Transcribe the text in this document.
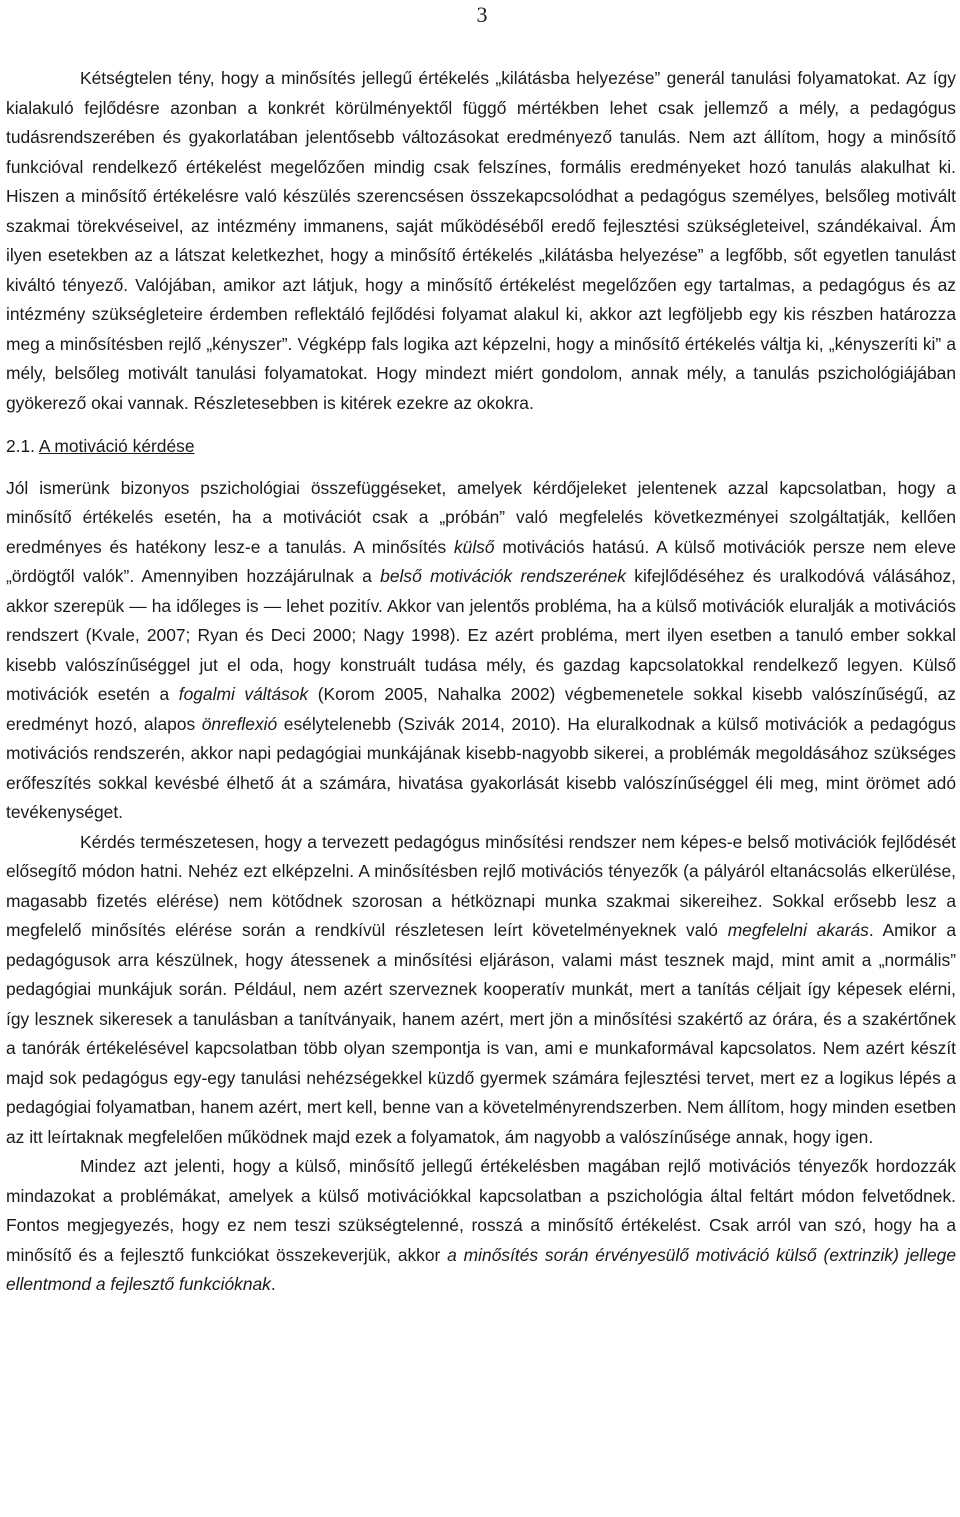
3

Kétségtelen tény, hogy a minősítés jellegű értékelés „kilátásba helyezése” generál tanulási folyamatokat. Az így kialakuló fejlődésre azonban a konkrét körülményektől függő mértékben lehet csak jellemző a mély, a pedagógus tudásrendszerében és gyakorlatában jelentősebb változásokat eredményező tanulás. Nem azt állítom, hogy a minősítő funkcióval rendelkező értékelést megelőzően mindig csak felszínes, formális eredményeket hozó tanulás alakulhat ki. Hiszen a minősítő értékelésre való készülés szerencsésen összekapcsolódhat a pedagógus személyes, belsőleg motivált szakmai törekvéseivel, az intézmény immanens, saját működéséből eredő fejlesztési szükségleteivel, szándékaival. Ám ilyen esetekben az a látszat keletkezhet, hogy a minősítő értékelés „kilátásba helyezése” a legfőbb, sőt egyetlen tanulást kiváltó tényező. Valójában, amikor azt látjuk, hogy a minősítő értékelést megelőzően egy tartalmas, a pedagógus és az intézmény szükségleteire érdemben reflektáló fejlődési folyamat alakul ki, akkor azt legföljebb egy kis részben határozza meg a minősítésben rejlő „kényszer”. Végképp fals logika azt képzelni, hogy a minősítő értékelés váltja ki, „kényszeríti ki” a mély, belsőleg motivált tanulási folyamatokat. Hogy mindezt miért gondolom, annak mély, a tanulás pszichológiájában gyökerező okai vannak. Részletesebben is kitérek ezekre az okokra.

2.1. A motiváció kérdése

Jól ismerünk bizonyos pszichológiai összefüggéseket, amelyek kérdőjeleket jelentenek azzal kapcsolatban, hogy a minősítő értékelés esetén, ha a motivációt csak a „próbán” való megfelelés következményei szolgáltatják, kellően eredményes és hatékony lesz-e a tanulás. A minősítés külső motivációs hatású. A külső motivációk persze nem eleve „ördögtől valók”. Amennyiben hozzájárulnak a belső motivációk rendszerének kifejlődéséhez és uralkodóvá válásához, akkor szerepük — ha időleges is — lehet pozitív. Akkor van jelentős probléma, ha a külső motivációk eluralják a motivációs rendszert (Kvale, 2007; Ryan és Deci 2000; Nagy 1998). Ez azért probléma, mert ilyen esetben a tanuló ember sokkal kisebb valószínűséggel jut el oda, hogy konstruált tudása mély, és gazdag kapcsolatokkal rendelkező legyen. Külső motivációk esetén a fogalmi váltások (Korom 2005, Nahalka 2002) végbemenetele sokkal kisebb valószínűségű, az eredményt hozó, alapos önreflexió esélytelenebb (Szivák 2014, 2010). Ha eluralkodnak a külső motivációk a pedagógus motivációs rendszerén, akkor napi pedagógiai munkájának kisebb-nagyobb sikerei, a problémák megoldásához szükséges erőfeszítés sokkal kevésbé élhető át a számára, hivatása gyakorlását kisebb valószínűséggel éli meg, mint örömet adó tevékenységet.

Kérdés természetesen, hogy a tervezett pedagógus minősítési rendszer nem képes-e belső motivációk fejlődését elősegítő módon hatni. Nehéz ezt elképzelni. A minősítésben rejlő motivációs tényezők (a pályáról eltanácsolás elkerülése, magasabb fizetés elérése) nem kötődnek szorosan a hétköznapi munka szakmai sikereihez. Sokkal erősebb lesz a megfelelő minősítés elérése során a rendkívül részletesen leírt követelményeknek való megfelelni akarás. Amikor a pedagógusok arra készülnek, hogy átessenek a minősítési eljáráson, valami mást tesznek majd, mint amit a „normális” pedagógiai munkájuk során. Például, nem azért szerveznek kooperatív munkát, mert a tanítás céljait így képesek elérni, így lesznek sikeresek a tanulásban a tanítványaik, hanem azért, mert jön a minősítési szakértő az órára, és a szakértőnek a tanórák értékelésével kapcsolatban több olyan szempontja is van, ami e munkaformával kapcsolatos. Nem azért készít majd sok pedagógus egy-egy tanulási nehézségekkel küzdő gyermek számára fejlesztési tervet, mert ez a logikus lépés a pedagógiai folyamatban, hanem azért, mert kell, benne van a követelményrendszerben. Nem állítom, hogy minden esetben az itt leírtaknak megfelelően működnek majd ezek a folyamatok, ám nagyobb a valószínűsége annak, hogy igen.

Mindez azt jelenti, hogy a külső, minősítő jellegű értékelésben magában rejlő motivációs tényezők hordozzák mindazokat a problémákat, amelyek a külső motivációkkal kapcsolatban a pszichológia által feltárt módon felvetődnek. Fontos megjegyezés, hogy ez nem teszi szükségtelenné, rosszá a minősítő értékelést. Csak arról van szó, hogy ha a minősítő és a fejlesztő funkciókat összekeverjük, akkor a minősítés során érvényesülő motiváció külső (extrinzik) jellege ellentmond a fejlesztő funkcióknak.
